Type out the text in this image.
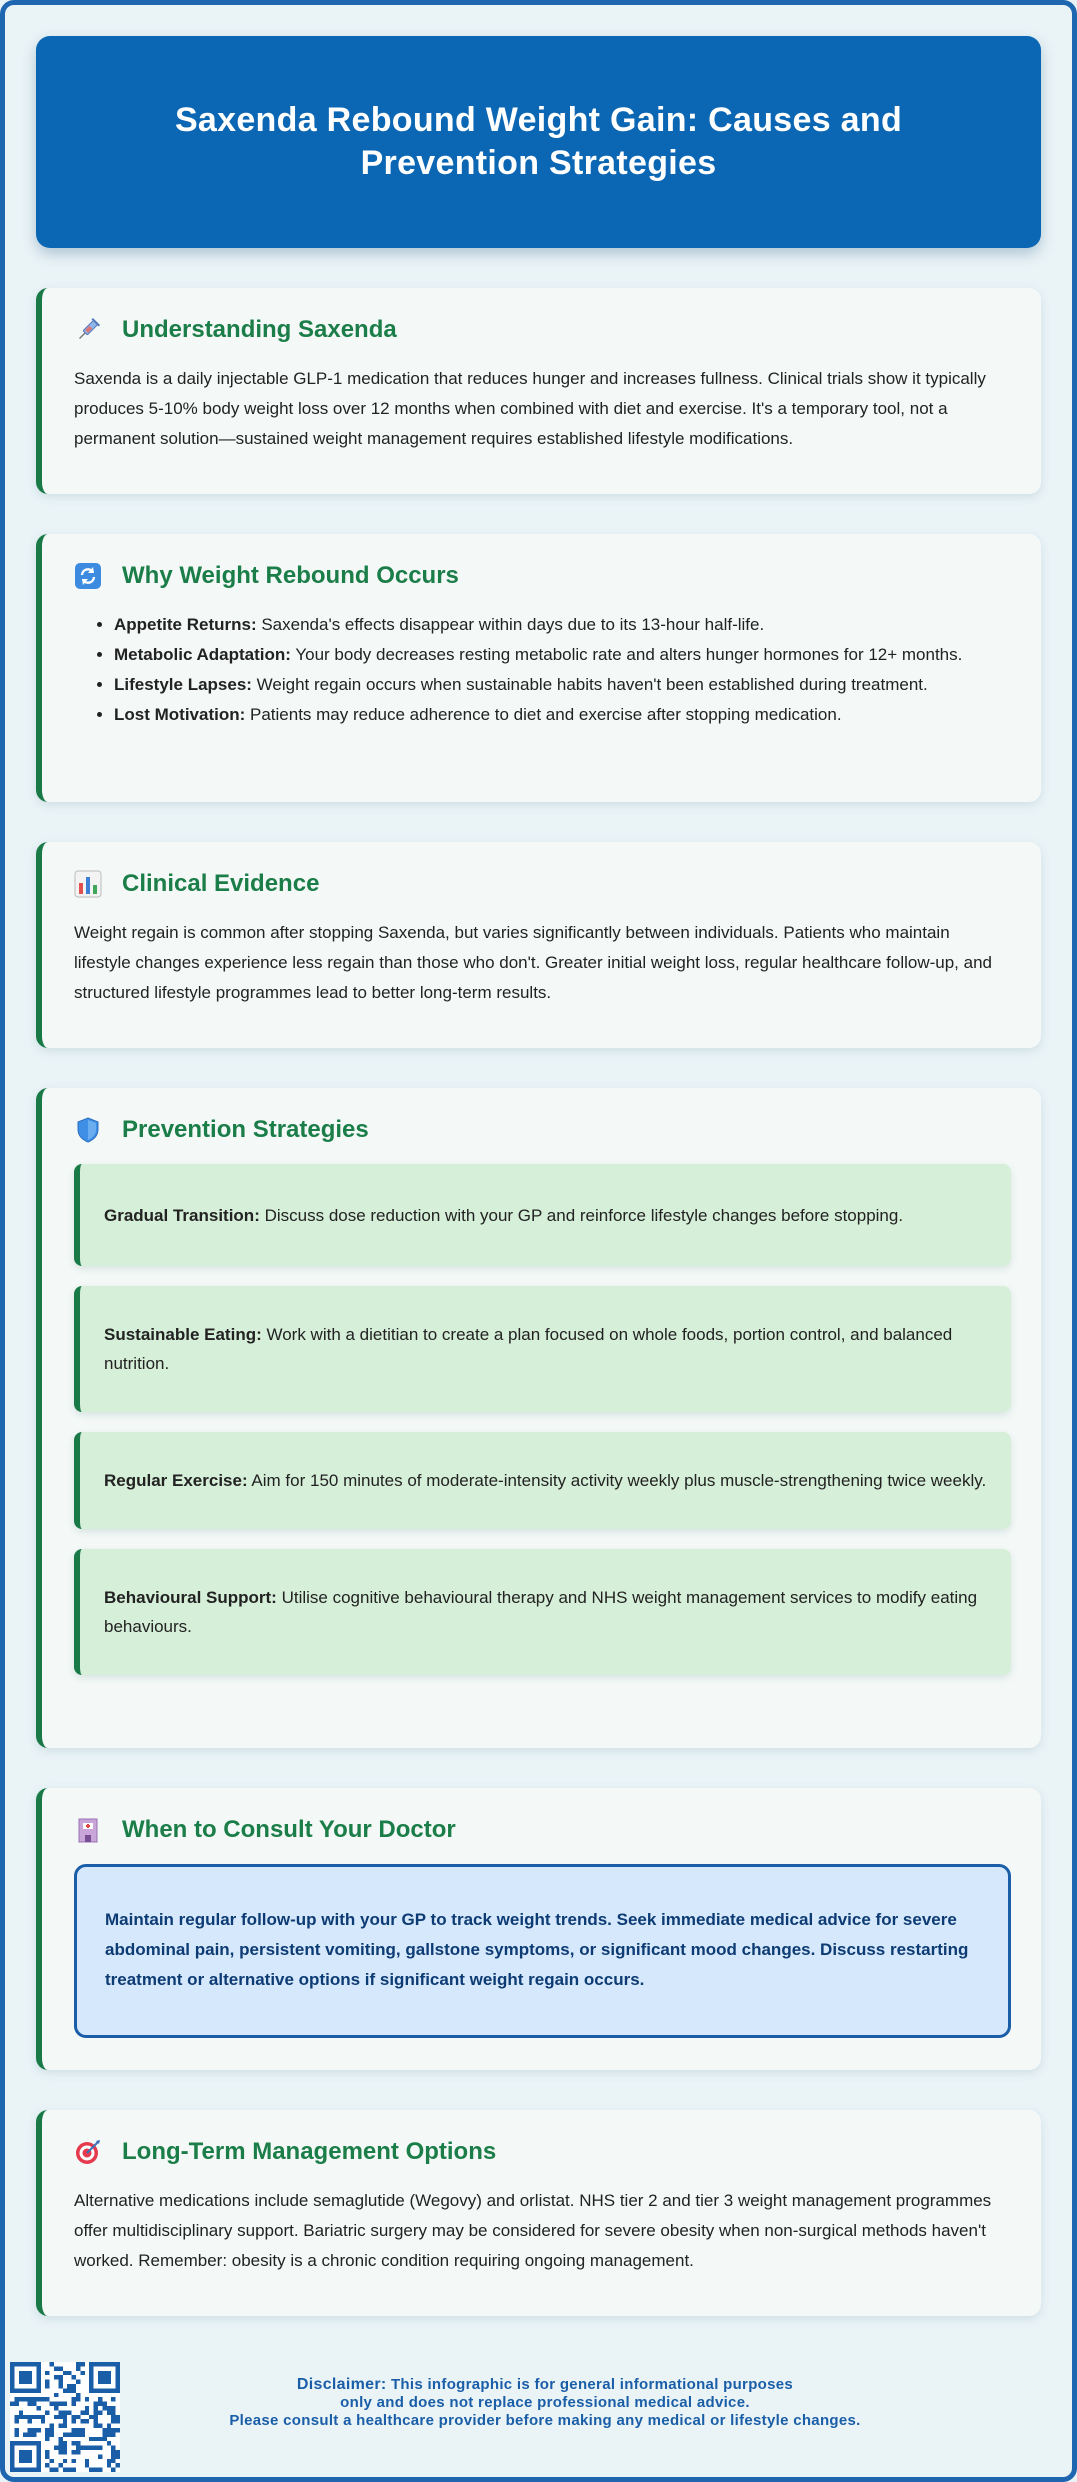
Saxenda Rebound Weight Gain: Causes and Prevention Strategies
Understanding Saxenda

Saxenda is a daily injectable GLP-1 medication that reduces hunger and increases fullness. Clinical trials show it typically produces 5-10% body weight loss over 12 months when combined with diet and exercise. It's a temporary tool, not a permanent solution—sustained weight management requires established lifestyle modifications.

Why Weight Rebound Occurs
• Appetite Returns: Saxenda's effects disappear within days due to its 13-hour half-life.
• Metabolic Adaptation: Your body decreases resting metabolic rate and alters hunger hormones for 12+ months.
• Lifestyle Lapses: Weight regain occurs when sustainable habits haven't been established during treatment.
• Lost Motivation: Patients may reduce adherence to diet and exercise after stopping medication.
Clinical Evidence

Weight regain is common after stopping Saxenda, but varies significantly between individuals. Patients who maintain lifestyle changes experience less regain than those who don't. Greater initial weight loss, regular healthcare follow-up, and structured lifestyle programmes lead to better long-term results.

Prevention Strategies
Gradual Transition: Discuss dose reduction with your GP and reinforce lifestyle changes before stopping.
Sustainable Eating: Work with a dietitian to create a plan focused on whole foods, portion control, and balanced nutrition.
Regular Exercise: Aim for 150 minutes of moderate-intensity activity weekly plus muscle-strengthening twice weekly.
Behavioural Support: Utilise cognitive behavioural therapy and NHS weight management services to modify eating behaviours.
When to Consult Your Doctor
Maintain regular follow-up with your GP to track weight trends. Seek immediate medical advice for severe abdominal pain, persistent vomiting, gallstone symptoms, or significant mood changes. Discuss restarting treatment or alternative options if significant weight regain occurs.
Long-Term Management Options

Alternative medications include semaglutide (Wegovy) and orlistat. NHS tier 2 and tier 3 weight management programmes offer multidisciplinary support. Bariatric surgery may be considered for severe obesity when non-surgical methods haven't worked. Remember: obesity is a chronic condition requiring ongoing management.

Disclaimer: This infographic is for general informational purposes
only and does not replace professional medical advice.
Please consult a healthcare provider before making any medical or lifestyle changes.
